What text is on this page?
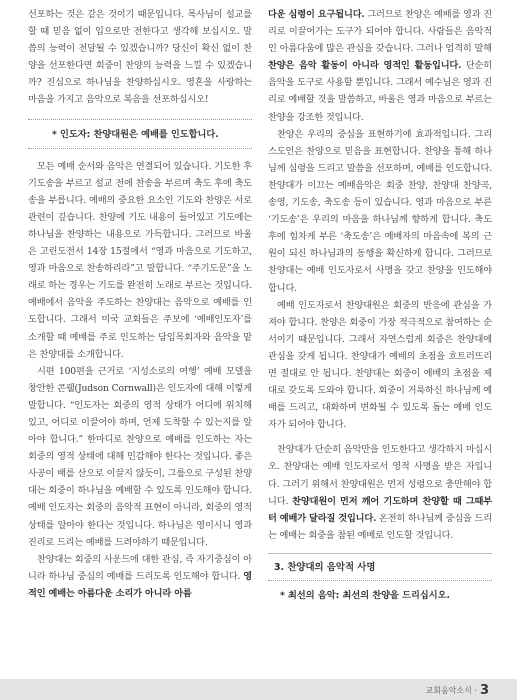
선포하는 것은 같은 것이기 때문입니다. 목사님이 설교를 할 때 믿음 없이 입으로만 전한다고 생각해 보십시오. 말씀의 능력이 전달될 수 있겠습니까? 당신이 확신 없이 찬양을 선포한다면 회중이 찬양의 능력을 느낄 수 있겠습니까? 진심으로 하나님을 찬양하십시오. 영혼을 사랑하는 마음을 가지고 음악으로 복음을 선포하십시오!

* 인도자: 찬양대원은 예배를 인도합니다.

모든 예배 순서와 음악은 연결되어 있습니다. 기도한 후 기도송을 부르고 설교 전에 찬송을 부르며 축도 후에 축도송을 부릅니다. 예배의 중요한 요소인 기도와 찬양은 서로 관련이 깊습니다. 찬양에 기도 내용이 들어있고 기도에는 하나님을 찬양하는 내용으로 가득합니다. 그러므로 바울은 고린도전서 14장 15절에서 “영과 마음으로 기도하고, 영과 마음으로 찬송하리라”고 말합니다. “주기도문”을 노래로 하는 경우는 기도를 완전히 노래로 부르는 것입니다. 예배에서 음악을 주도하는 찬양대는 음악으로 예배를 인도합니다. 그래서 미국 교회들은 주보에 ‘예배인도자’를 소개할 때 예배를 주로 인도하는 담임목회자와 음악을 맡은 찬양대를 소개합니다.

시편 100편을 근거로 ‘지성소로의 여행’ 예배 모델을 창안한 콘웰(Judson Cornwall)은 인도자에 대해 이렇게 말합니다. “인도자는 회중의 영적 상태가 어디에 위치해 있고, 어디로 이끌어야 하며, 언제 도착할 수 있는지를 알아야 합니다.” 한마디로 찬양으로 예배를 인도하는 자는 회중의 영적 상태에 대해 민감해야 한다는 것입니다. 좋은 사공이 배를 산으로 이끌지 않듯이, 그룹으로 구성된 찬양대는 회중이 하나님을 예배할 수 있도록 인도해야 합니다. 예배 인도자는 회중의 음악적 표현이 아니라, 회중의 영적 상태를 알아야 한다는 것입니다. 하나님은 영이시니 영과 진리로 드리는 예배를 드려야하기 때문입니다.

찬양대는 회중의 사운드에 대한 관심, 즉 자기중심이 아니라 하나님 중심의 예배를 드리도록 인도해야 합니다. 영적인 예배는 아름다운 소리가 아니라 아름

다운 심령이 요구됩니다. 그러므로 찬양은 예배를 영과 진리로 이끌어가는 도구가 되어야 합니다. 사람들은 음악적인 아름다움에 많은 관심을 갖습니다. 그러나 엄격히 말해 찬양은 음악 활동이 아니라 영적인 활동입니다. 단순히 음악을 도구로 사용할 뿐입니다. 그래서 예수님은 영과 진리로 예배할 것을 말씀하고, 바울은 영과 마음으로 부르는 찬양을 강조한 것입니다.

찬양은 우리의 중심을 표현하기에 효과적입니다. 그리스도인은 찬양으로 믿음을 표현합니다. 찬양을 통해 하나님께 심령을 드리고 말씀을 선포하며, 예배를 인도합니다. 찬양대가 이끄는 예배음악은 회중 찬양, 찬양대 찬양곡, 송영, 기도송, 축도송 등이 있습니다. 영과 마음으로 부른 ‘기도송’은 우리의 마음을 하나님께 향하게 합니다. 축도 후에 힘차게 부른 ‘축도송’은 예배자의 마음속에 복의 근원이 되신 하나님과의 동행을 확신하게 합니다. 그러므로 찬양대는 예배 인도자로서 사명을 갖고 찬양을 인도해야 합니다.

예배 인도자로서 찬양대원은 회중의 반응에 관심을 가져야 합니다. 찬양은 회중이 가장 적극적으로 참여하는 순서이기 때문입니다. 그래서 자연스럽게 회중은 찬양대에 관심을 갖게 됩니다. 찬양대가 예배의 초점을 흐트러뜨리면 절대로 안 됩니다. 찬양대는 회중이 예배의 초점을 제대로 갖도록 도와야 합니다. 회중이 거룩하신 하나님께 예배를 드리고, 대화하며 변화될 수 있도록 돕는 예배 인도자가 되어야 합니다.

찬양대가 단순히 음악만을 인도한다고 생각하지 마십시오. 찬양대는 예배 인도자로서 영적 사명을 받은 자입니다. 그러기 위해서 찬양대원은 먼저 성령으로 충만해야 합니다. 찬양대원이 먼저 깨어 기도하며 찬양할 때 그때부터 예배가 달라질 것입니다. 온전히 하나님께 중심을 드리는 예배는 회중을 참된 예배로 인도할 것입니다.

3. 찬양대의 음악적 사명

* 최선의 음악: 최선의 찬양을 드리십시오.

교회음악소식 · 3
